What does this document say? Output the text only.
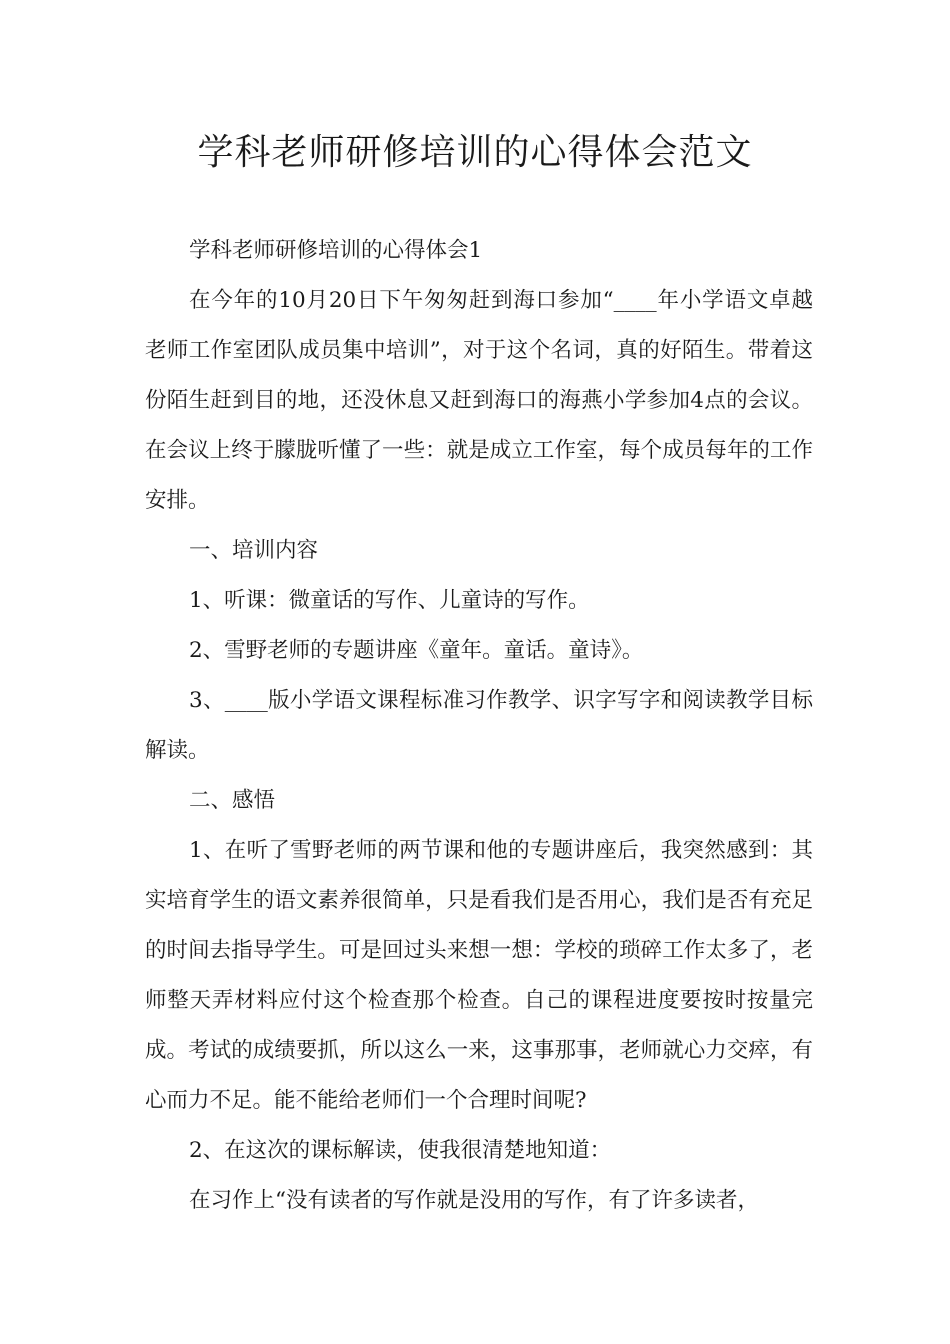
学科老师研修培训的心得体会范文

学科老师研修培训的心得体会1

在今年的10月20日下午匆匆赶到海口参加“____年小学语文卓越老师工作室团队成员集中培训”，对于这个名词，真的好陌生。带着这份陌生赶到目的地，还没休息又赶到海口的海燕小学参加4点的会议。在会议上终于朦胧听懂了一些：就是成立工作室，每个成员每年的工作安排。

一、培训内容

1、听课：微童话的写作、儿童诗的写作。

2、雪野老师的专题讲座《童年。童话。童诗》。

3、____版小学语文课程标准习作教学、识字写字和阅读教学目标解读。

二、感悟

1、在听了雪野老师的两节课和他的专题讲座后，我突然感到：其实培育学生的语文素养很简单，只是看我们是否用心，我们是否有充足的时间去指导学生。可是回过头来想一想：学校的琐碎工作太多了，老师整天弄材料应付这个检查那个检查。自己的课程进度要按时按量完成。考试的成绩要抓，所以这么一来，这事那事，老师就心力交瘁，有心而力不足。能不能给老师们一个合理时间呢?

2、在这次的课标解读，使我很清楚地知道：

在习作上“没有读者的写作就是没用的写作，有了许多读者，
